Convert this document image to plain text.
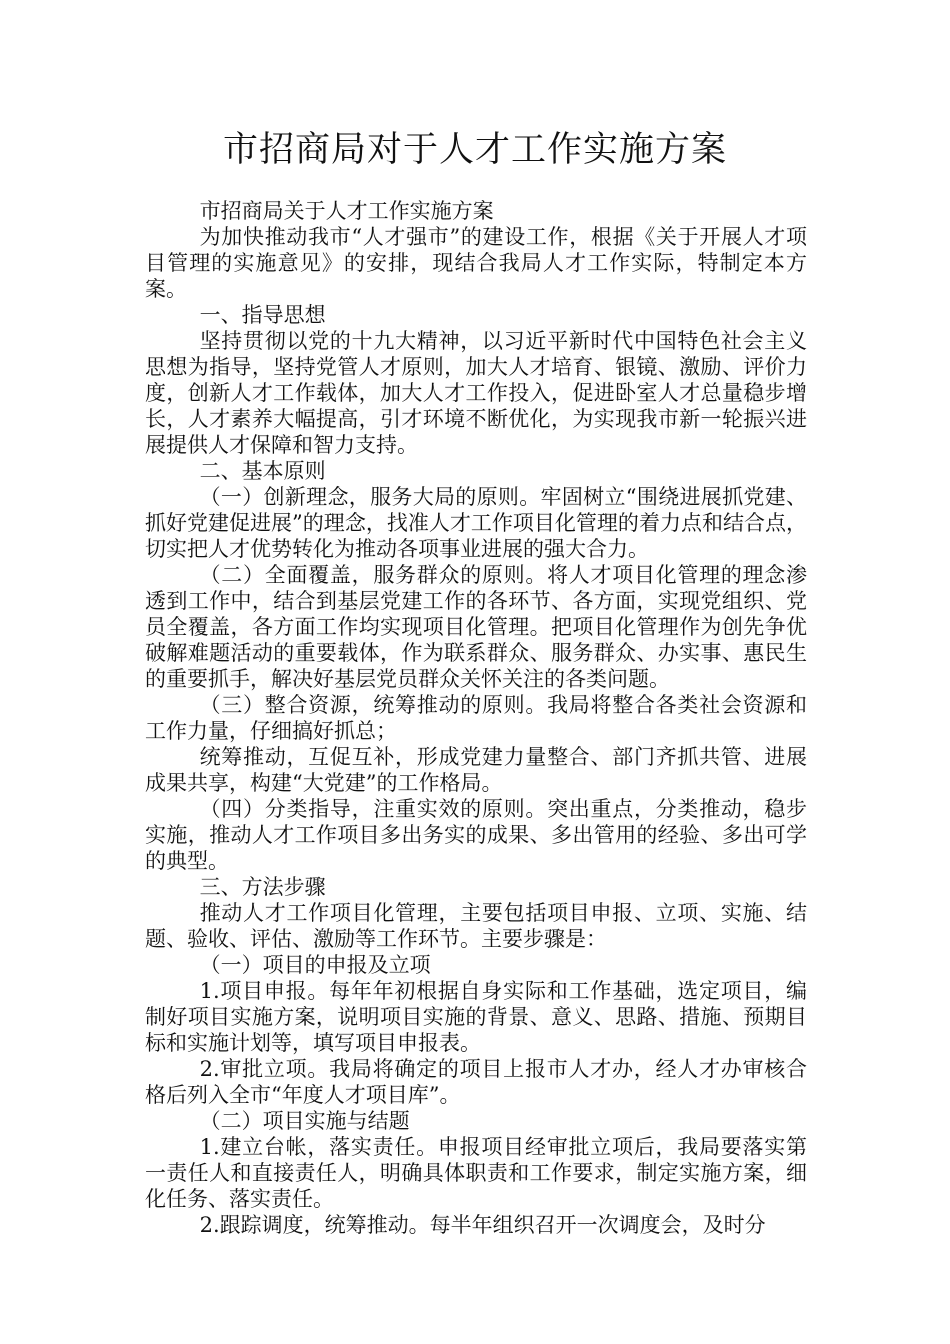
市招商局对于人才工作实施方案

市招商局关于人才工作实施方案

为加快推动我市“人才强市”的建设工作，根据《关于开展人才项目管理的实施意见》的安排，现结合我局人才工作实际，特制定本方案。

一、指导思想

坚持贯彻以党的十九大精神，以习近平新时代中国特色社会主义思想为指导，坚持党管人才原则，加大人才培育、银镜、激励、评价力度，创新人才工作载体，加大人才工作投入，促进卧室人才总量稳步增长，人才素养大幅提高，引才环境不断优化，为实现我市新一轮振兴进展提供人才保障和智力支持。

二、基本原则

（一）创新理念，服务大局的原则。牢固树立“围绕进展抓党建、抓好党建促进展”的理念，找准人才工作项目化管理的着力点和结合点，切实把人才优势转化为推动各项事业进展的强大合力。

（二）全面覆盖，服务群众的原则。将人才项目化管理的理念渗透到工作中，结合到基层党建工作的各环节、各方面，实现党组织、党员全覆盖，各方面工作均实现项目化管理。把项目化管理作为创先争优破解难题活动的重要载体，作为联系群众、服务群众、办实事、惠民生的重要抓手，解决好基层党员群众关怀关注的各类问题。

（三）整合资源，统筹推动的原则。我局将整合各类社会资源和工作力量，仔细搞好抓总；

统筹推动，互促互补，形成党建力量整合、部门齐抓共管、进展成果共享，构建“大党建”的工作格局。

（四）分类指导，注重实效的原则。突出重点，分类推动，稳步实施，推动人才工作项目多出务实的成果、多出管用的经验、多出可学的典型。

三、方法步骤

推动人才工作项目化管理，主要包括项目申报、立项、实施、结题、验收、评估、激励等工作环节。主要步骤是：

（一）项目的申报及立项

1.项目申报。每年年初根据自身实际和工作基础，选定项目，编制好项目实施方案，说明项目实施的背景、意义、思路、措施、预期目标和实施计划等，填写项目申报表。

2.审批立项。我局将确定的项目上报市人才办，经人才办审核合格后列入全市“年度人才项目库”。

（二）项目实施与结题

1.建立台帐，落实责任。申报项目经审批立项后，我局要落实第一责任人和直接责任人，明确具体职责和工作要求，制定实施方案，细化任务、落实责任。

2.跟踪调度，统筹推动。每半年组织召开一次调度会，及时分
